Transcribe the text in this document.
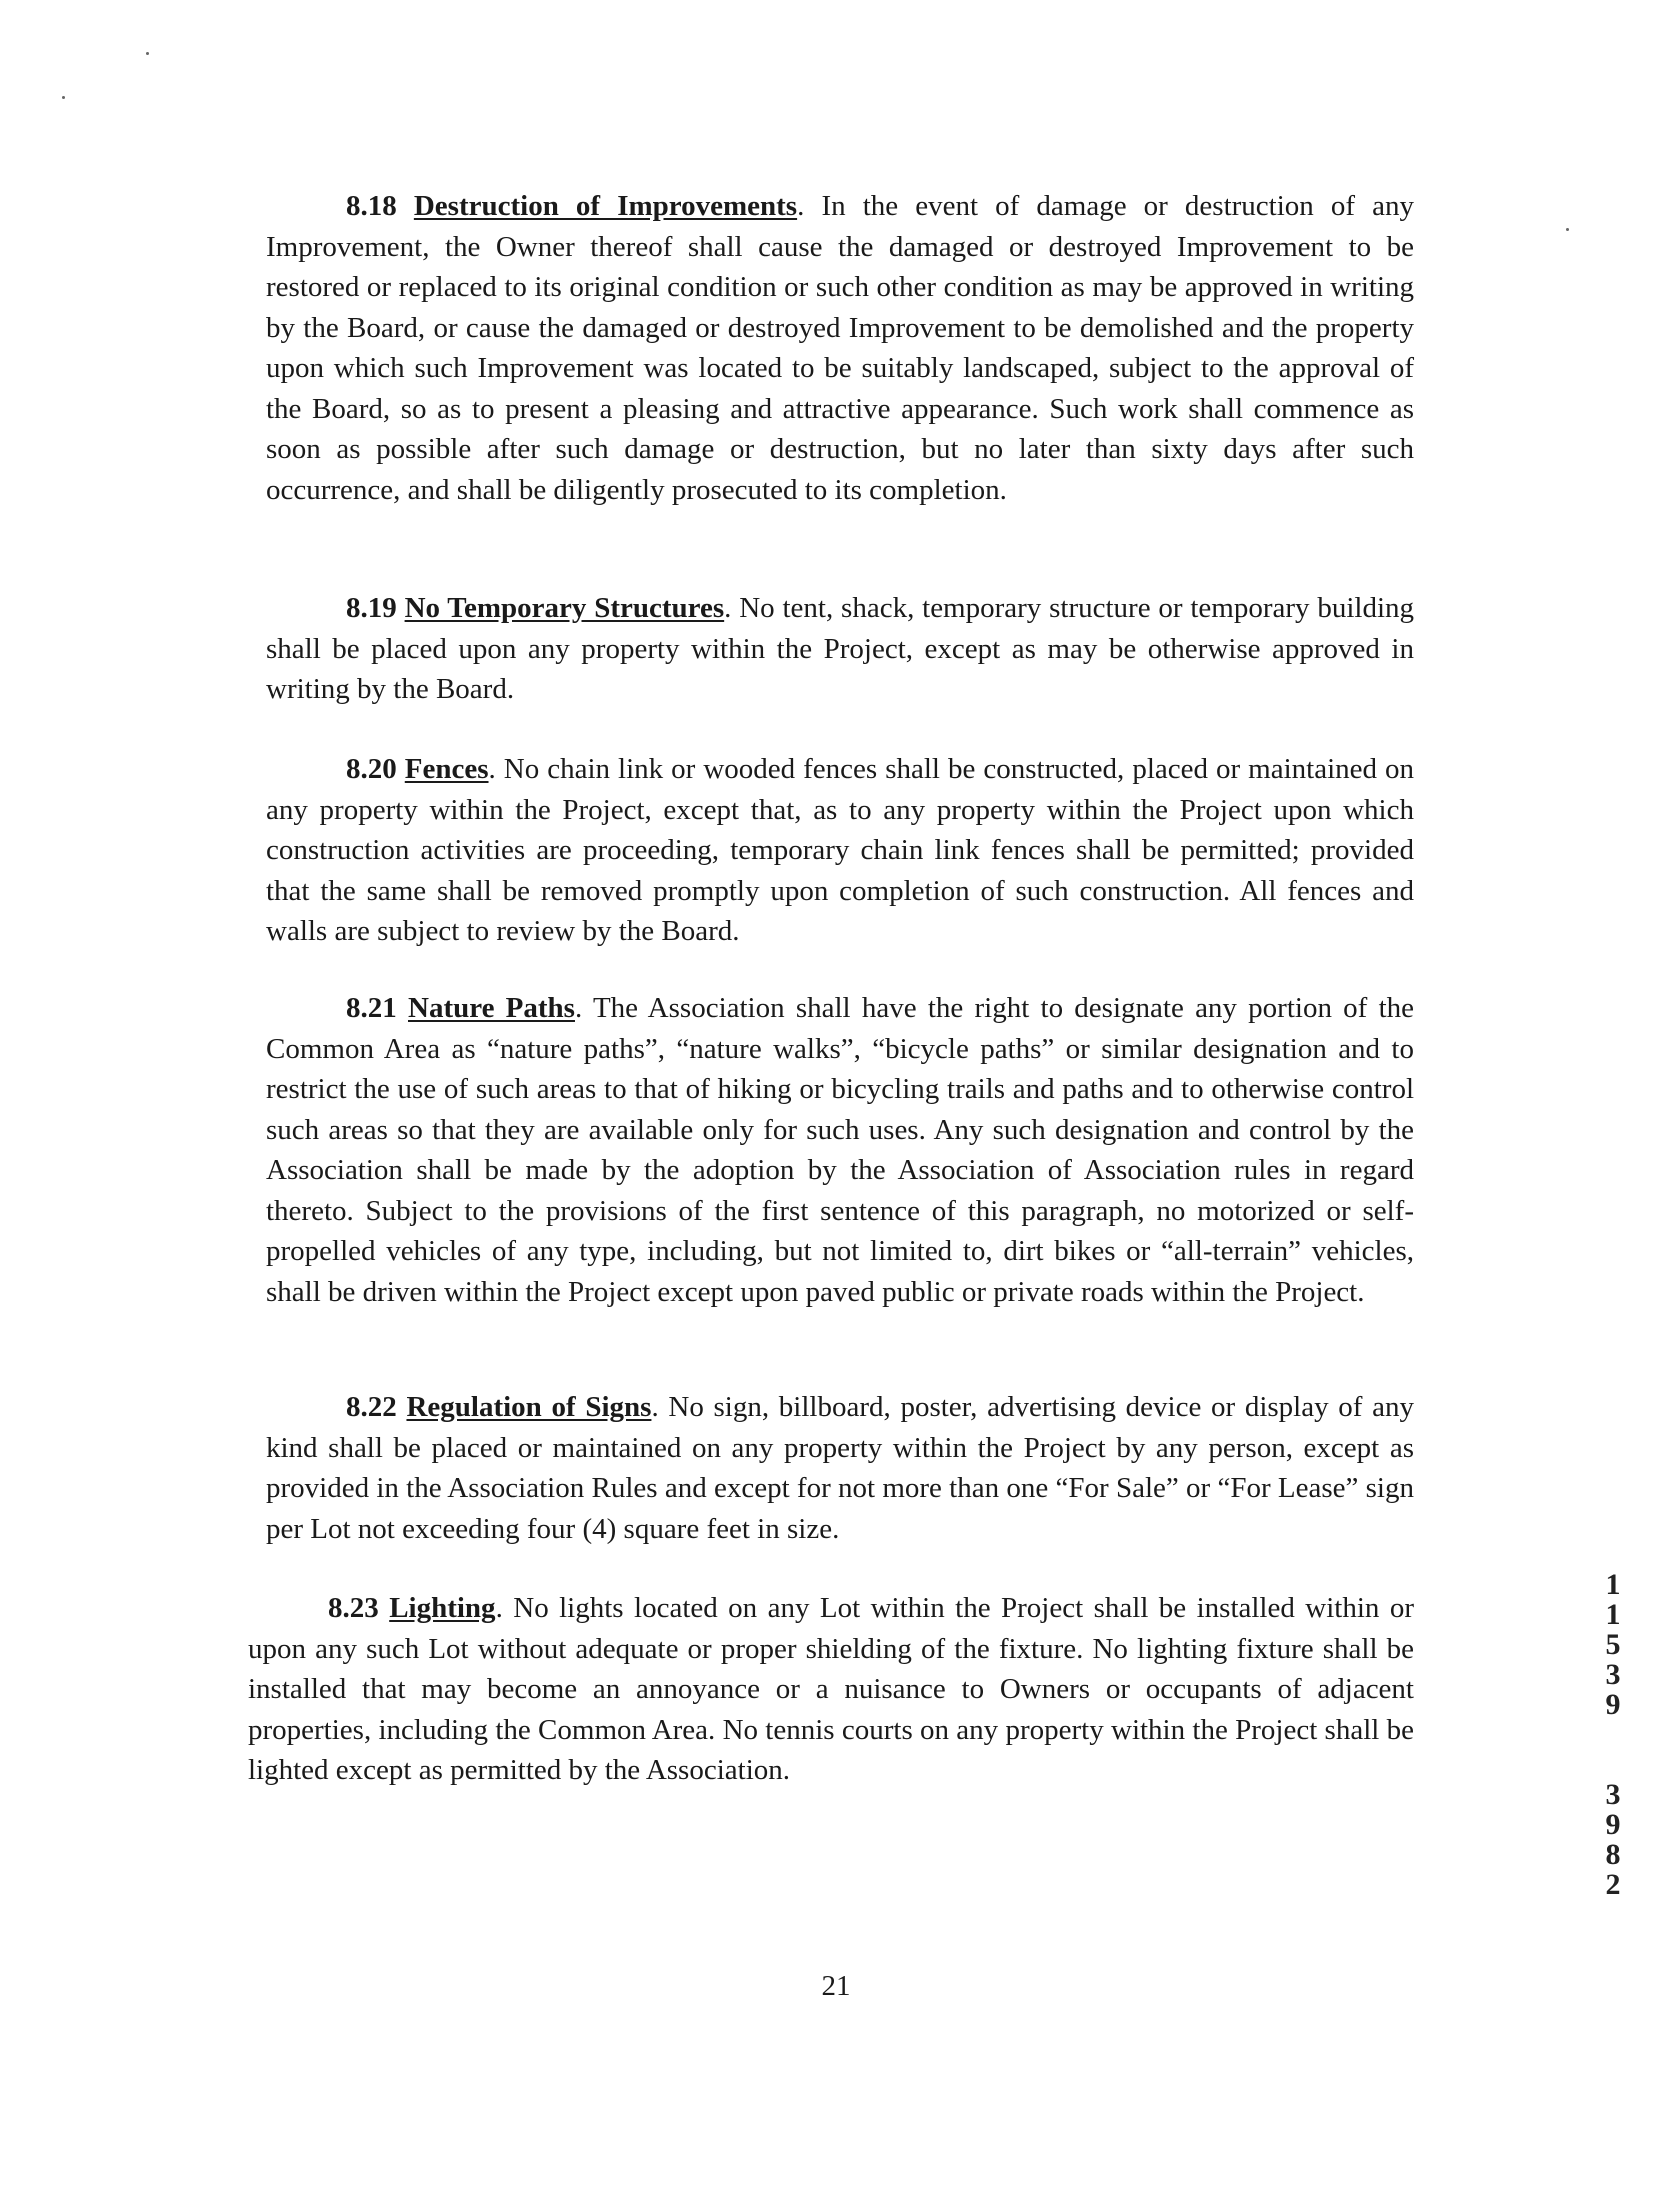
8.18 Destruction of Improvements. In the event of damage or destruction of any Improvement, the Owner thereof shall cause the damaged or destroyed Improvement to be restored or replaced to its original condition or such other condition as may be approved in writing by the Board, or cause the damaged or destroyed Improvement to be demolished and the property upon which such Improvement was located to be suitably landscaped, subject to the approval of the Board, so as to present a pleasing and attractive appearance. Such work shall commence as soon as possible after such damage or destruction, but no later than sixty days after such occurrence, and shall be diligently prosecuted to its completion.

8.19 No Temporary Structures. No tent, shack, temporary structure or temporary building shall be placed upon any property within the Project, except as may be otherwise approved in writing by the Board.

8.20 Fences. No chain link or wooded fences shall be constructed, placed or maintained on any property within the Project, except that, as to any property within the Project upon which construction activities are proceeding, temporary chain link fences shall be permitted; provided that the same shall be removed promptly upon completion of such construction. All fences and walls are subject to review by the Board.

8.21 Nature Paths. The Association shall have the right to designate any portion of the Common Area as “nature paths”, “nature walks”, “bicycle paths” or similar designation and to restrict the use of such areas to that of hiking or bicycling trails and paths and to otherwise control such areas so that they are available only for such uses. Any such designation and control by the Association shall be made by the adoption by the Association of Association rules in regard thereto. Subject to the provisions of the first sentence of this paragraph, no motorized or self-propelled vehicles of any type, including, but not limited to, dirt bikes or “all-terrain” vehicles, shall be driven within the Project except upon paved public or private roads within the Project.

8.22 Regulation of Signs. No sign, billboard, poster, advertising device or display of any kind shall be placed or maintained on any property within the Project by any person, except as provided in the Association Rules and except for not more than one “For Sale” or “For Lease” sign per Lot not exceeding four (4) square feet in size.

8.23 Lighting. No lights located on any Lot within the Project shall be installed within or upon any such Lot without adequate or proper shielding of the fixture. No lighting fixture shall be installed that may become an annoyance or a nuisance to Owners or occupants of adjacent properties, including the Common Area. No tennis courts on any property within the Project shall be lighted except as permitted by the Association.

1
1
5
3
9
3
9
8
2
21
